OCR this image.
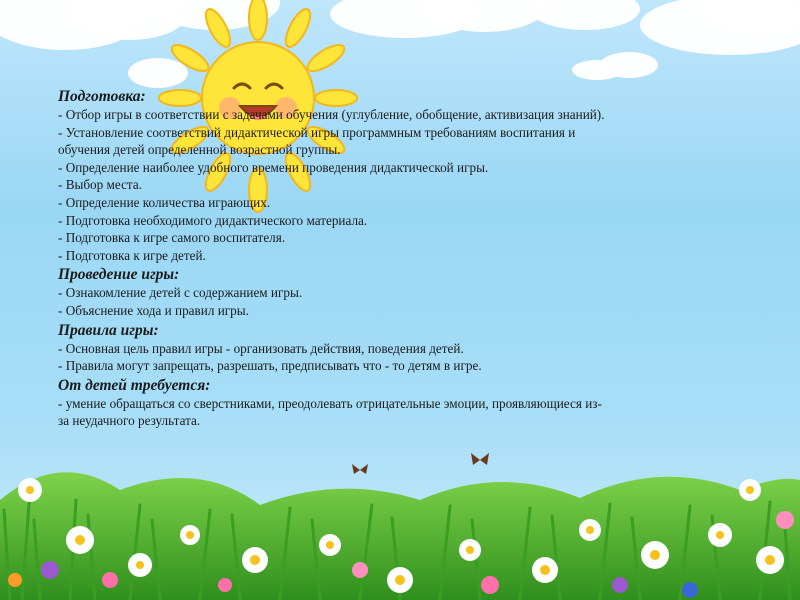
Подготовка:

- Отбор игры в соответствии с задачами обучения (углубление, обобщение, активизация знаний).

- Установление соответствий дидактической игры программным требованиям воспитания и

обучения детей определенной возрастной группы.

- Определение наиболее удобного времени проведения дидактической игры.

- Выбор места.

- Определение количества играющих.

- Подготовка необходимого дидактического материала.

- Подготовка к игре самого воспитателя.

- Подготовка к игре детей.

Проведение игры:

- Ознакомление детей с содержанием игры.

- Объяснение хода и правил игры.

Правила игры:

- Основная цель правил игры - организовать действия, поведения детей.

- Правила могут запрещать, разрешать, предписывать что - то детям в игре.

От детей требуется:

- умение обращаться со сверстниками, преодолевать отрицательные эмоции, проявляющиеся из-

за неудачного результата.
